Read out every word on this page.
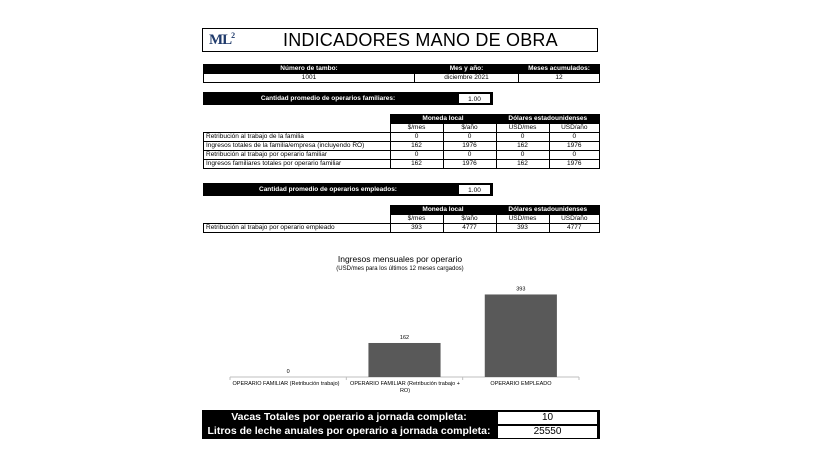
$ML^2$	INDICADORES MANO DE OBRA
Número de tambo:	Mes y año:	Meses acumulados:
1001	diciembre 2021	12
Cantidad promedio de operarios familiares:	1.00
	Moneda local		Dólares estadounidenses	
	$/mes	$/año	USD/mes	USD/año
Retribución al trabajo de la familia	0	0	0	0
Ingresos totales de la familia/empresa (incluyendo RO)	162	1976	162	1976
Retribución al trabajo por operario familiar	0	0	0	0
Ingresos familiares totales por operario familiar	162	1976	162	1976
Cantidad promedio de operarios empleados:	1.00
	Moneda local		Dólares estadounidenses	
	$/mes	$/año	USD/mes	USD/año
Retribución al trabajo por operario empleado	393	4777	393	4777
Ingresos mensuales por operario
(USD/mes para los últimos 12 meses cargados)
0
162
393
OPERARIO FAMILIAR (Retribución trabajo)	OPERARIO FAMILIAR (Retribución trabajo + RO)
OPERARIO EMPLEADO
Vacas Totales por operario a jornada completa:	10
Litros de leche anuales por operario a jornada completa:	25550
